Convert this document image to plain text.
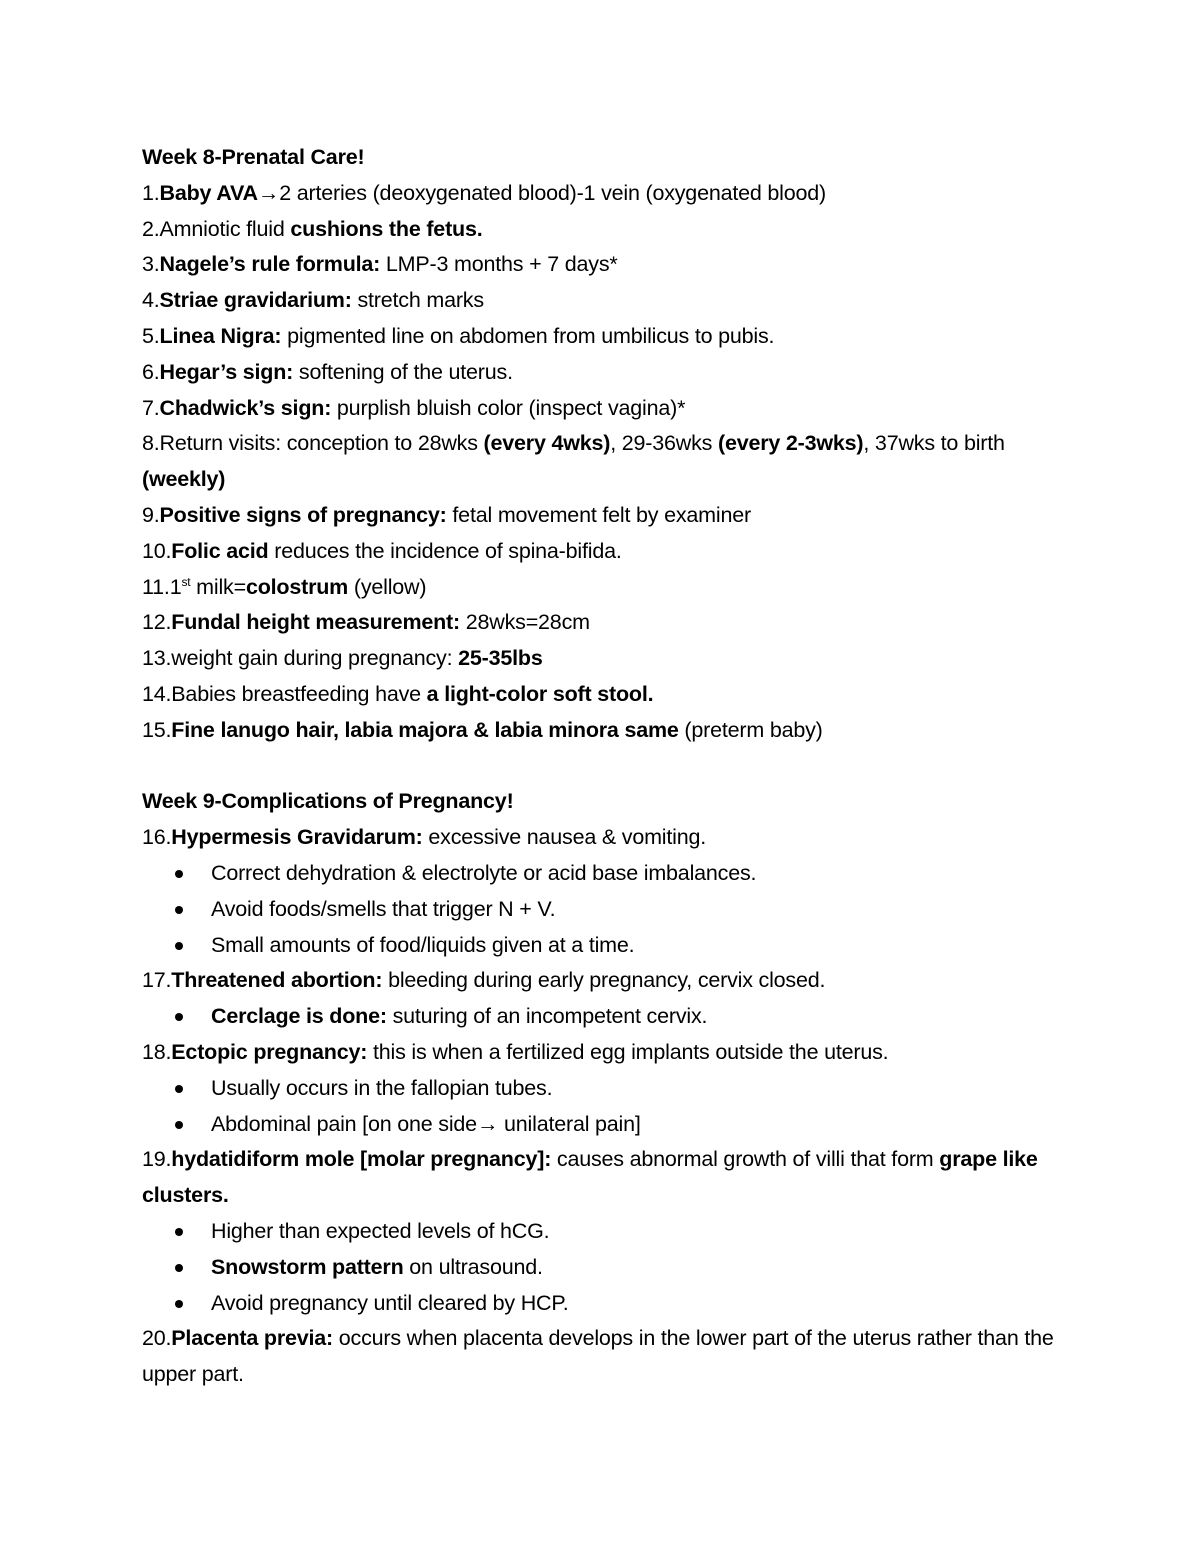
Week 8-Prenatal Care!
1.Baby AVA→2 arteries (deoxygenated blood)-1 vein (oxygenated blood)
2.Amniotic fluid cushions the fetus.
3.Nagele’s rule formula: LMP-3 months + 7 days*
4.Striae gravidarium: stretch marks
5.Linea Nigra: pigmented line on abdomen from umbilicus to pubis.
6.Hegar’s sign: softening of the uterus.
7.Chadwick’s sign: purplish bluish color (inspect vagina)*
8.Return visits: conception to 28wks (every 4wks), 29-36wks (every 2-3wks), 37wks to birth (weekly)
9.Positive signs of pregnancy: fetal movement felt by examiner
10.Folic acid reduces the incidence of spina-bifida.
11.1st milk=colostrum (yellow)
12.Fundal height measurement: 28wks=28cm
13.weight gain during pregnancy: 25-35lbs
14.Babies breastfeeding have a light-color soft stool.
15.Fine lanugo hair, labia majora & labia minora same (preterm baby)
Week 9-Complications of Pregnancy!
16.Hypermesis Gravidarum: excessive nausea & vomiting.
Correct dehydration & electrolyte or acid base imbalances.
Avoid foods/smells that trigger N + V.
Small amounts of food/liquids given at a time.
17.Threatened abortion: bleeding during early pregnancy, cervix closed.
Cerclage is done: suturing of an incompetent cervix.
18.Ectopic pregnancy: this is when a fertilized egg implants outside the uterus.
Usually occurs in the fallopian tubes.
Abdominal pain [on one side→ unilateral pain]
19.hydatidiform mole [molar pregnancy]: causes abnormal growth of villi that form grape like clusters.
Higher than expected levels of hCG.
Snowstorm pattern on ultrasound.
Avoid pregnancy until cleared by HCP.
20.Placenta previa: occurs when placenta develops in the lower part of the uterus rather than the upper part.
